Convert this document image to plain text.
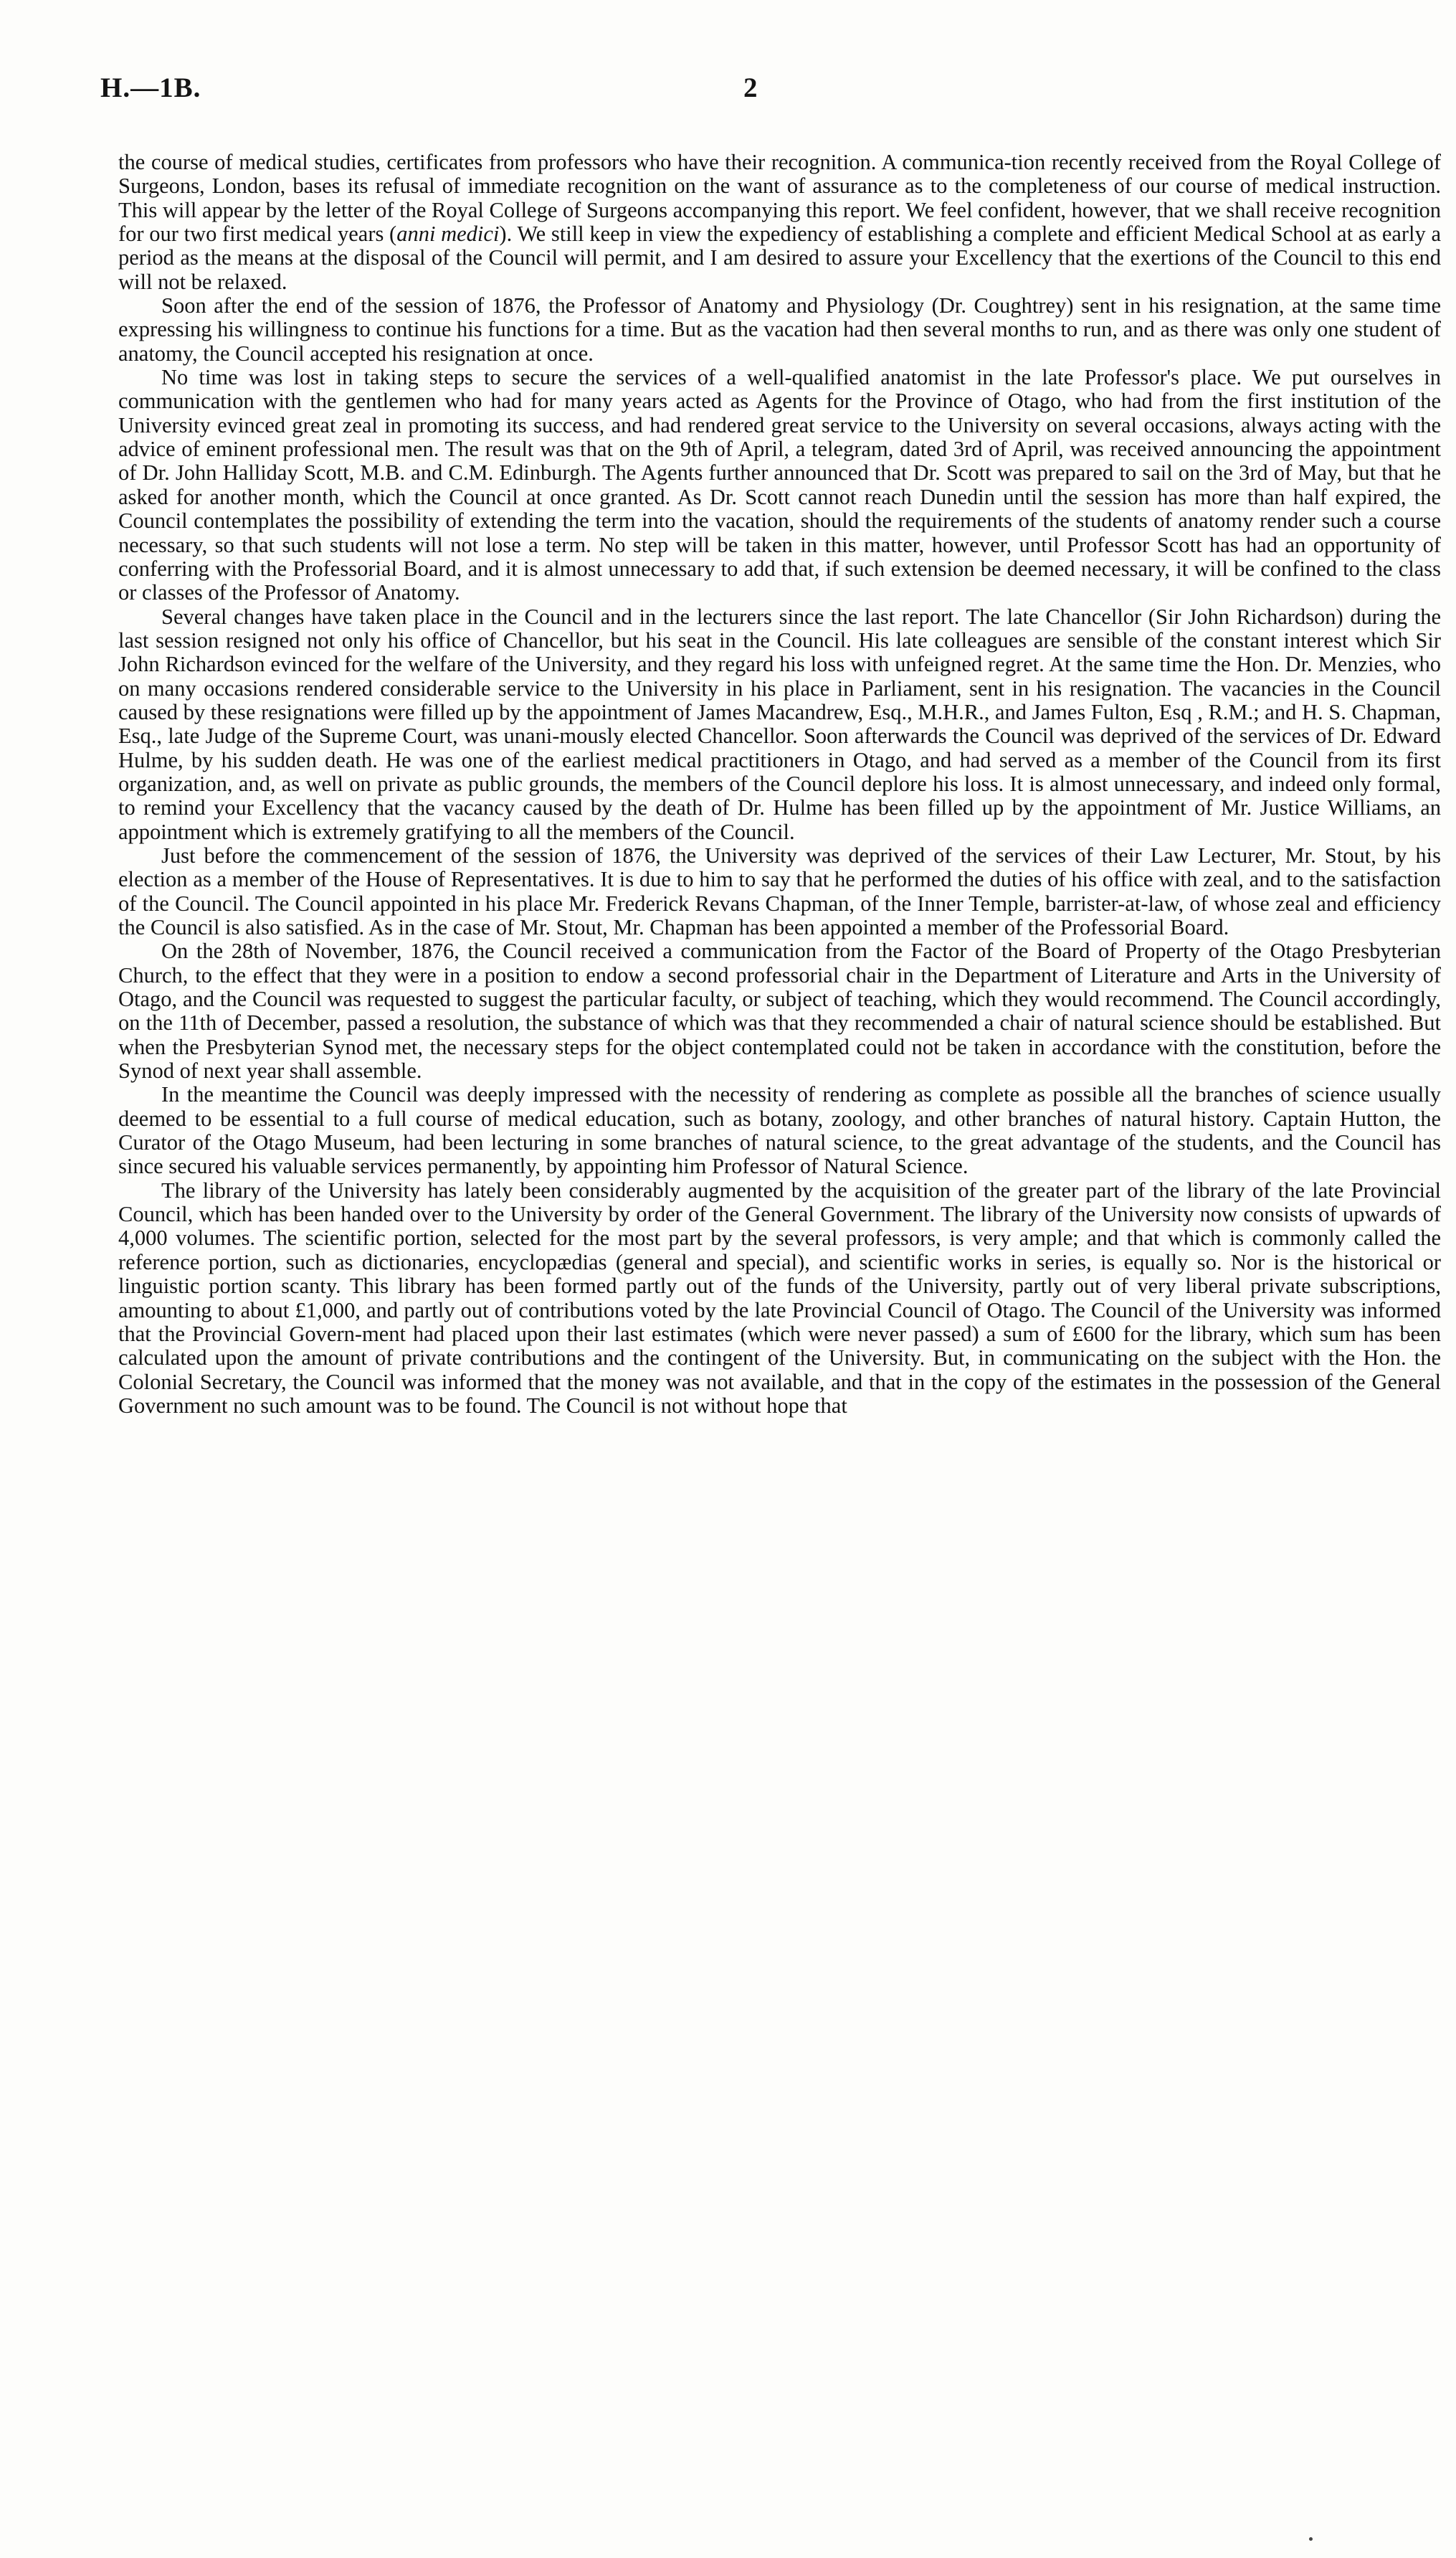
H.—1B.	2

the course of medical studies, certificates from professors who have their recognition. A communica-tion recently received from the Royal College of Surgeons, London, bases its refusal of immediate recognition on the want of assurance as to the completeness of our course of medical instruction. This will appear by the letter of the Royal College of Surgeons accompanying this report. We feel confident, however, that we shall receive recognition for our two first medical years (anni medici). We still keep in view the expediency of establishing a complete and efficient Medical School at as early a period as the means at the disposal of the Council will permit, and I am desired to assure your Excellency that the exertions of the Council to this end will not be relaxed.

Soon after the end of the session of 1876, the Professor of Anatomy and Physiology (Dr. Coughtrey) sent in his resignation, at the same time expressing his willingness to continue his functions for a time. But as the vacation had then several months to run, and as there was only one student of anatomy, the Council accepted his resignation at once.

No time was lost in taking steps to secure the services of a well-qualified anatomist in the late Professor's place. We put ourselves in communication with the gentlemen who had for many years acted as Agents for the Province of Otago, who had from the first institution of the University evinced great zeal in promoting its success, and had rendered great service to the University on several occasions, always acting with the advice of eminent professional men. The result was that on the 9th of April, a telegram, dated 3rd of April, was received announcing the appointment of Dr. John Halliday Scott, M.B. and C.M. Edinburgh. The Agents further announced that Dr. Scott was prepared to sail on the 3rd of May, but that he asked for another month, which the Council at once granted. As Dr. Scott cannot reach Dunedin until the session has more than half expired, the Council contemplates the possibility of extending the term into the vacation, should the requirements of the students of anatomy render such a course necessary, so that such students will not lose a term. No step will be taken in this matter, however, until Professor Scott has had an opportunity of conferring with the Professorial Board, and it is almost unnecessary to add that, if such extension be deemed necessary, it will be confined to the class or classes of the Professor of Anatomy.

Several changes have taken place in the Council and in the lecturers since the last report. The late Chancellor (Sir John Richardson) during the last session resigned not only his office of Chancellor, but his seat in the Council. His late colleagues are sensible of the constant interest which Sir John Richardson evinced for the welfare of the University, and they regard his loss with unfeigned regret. At the same time the Hon. Dr. Menzies, who on many occasions rendered considerable service to the University in his place in Parliament, sent in his resignation. The vacancies in the Council caused by these resignations were filled up by the appointment of James Macandrew, Esq., M.H.R., and James Fulton, Esq , R.M.; and H. S. Chapman, Esq., late Judge of the Supreme Court, was unani-mously elected Chancellor. Soon afterwards the Council was deprived of the services of Dr. Edward Hulme, by his sudden death. He was one of the earliest medical practitioners in Otago, and had served as a member of the Council from its first organization, and, as well on private as public grounds, the members of the Council deplore his loss. It is almost unnecessary, and indeed only formal, to remind your Excellency that the vacancy caused by the death of Dr. Hulme has been filled up by the appointment of Mr. Justice Williams, an appointment which is extremely gratifying to all the members of the Council.

Just before the commencement of the session of 1876, the University was deprived of the services of their Law Lecturer, Mr. Stout, by his election as a member of the House of Representatives. It is due to him to say that he performed the duties of his office with zeal, and to the satisfaction of the Council. The Council appointed in his place Mr. Frederick Revans Chapman, of the Inner Temple, barrister-at-law, of whose zeal and efficiency the Council is also satisfied. As in the case of Mr. Stout, Mr. Chapman has been appointed a member of the Professorial Board.

On the 28th of November, 1876, the Council received a communication from the Factor of the Board of Property of the Otago Presbyterian Church, to the effect that they were in a position to endow a second professorial chair in the Department of Literature and Arts in the University of Otago, and the Council was requested to suggest the particular faculty, or subject of teaching, which they would recommend. The Council accordingly, on the 11th of December, passed a resolution, the substance of which was that they recommended a chair of natural science should be established. But when the Presbyterian Synod met, the necessary steps for the object contemplated could not be taken in accordance with the constitution, before the Synod of next year shall assemble.

In the meantime the Council was deeply impressed with the necessity of rendering as complete as possible all the branches of science usually deemed to be essential to a full course of medical education, such as botany, zoology, and other branches of natural history. Captain Hutton, the Curator of the Otago Museum, had been lecturing in some branches of natural science, to the great advantage of the students, and the Council has since secured his valuable services permanently, by appointing him Professor of Natural Science.

The library of the University has lately been considerably augmented by the acquisition of the greater part of the library of the late Provincial Council, which has been handed over to the University by order of the General Government. The library of the University now consists of upwards of 4,000 volumes. The scientific portion, selected for the most part by the several professors, is very ample; and that which is commonly called the reference portion, such as dictionaries, encyclopædias (general and special), and scientific works in series, is equally so. Nor is the historical or linguistic portion scanty. This library has been formed partly out of the funds of the University, partly out of very liberal private subscriptions, amounting to about £1,000, and partly out of contributions voted by the late Provincial Council of Otago. The Council of the University was informed that the Provincial Govern-ment had placed upon their last estimates (which were never passed) a sum of £600 for the library, which sum has been calculated upon the amount of private contributions and the contingent of the University. But, in communicating on the subject with the Hon. the Colonial Secretary, the Council was informed that the money was not available, and that in the copy of the estimates in the possession of the General Government no such amount was to be found. The Council is not without hope that
